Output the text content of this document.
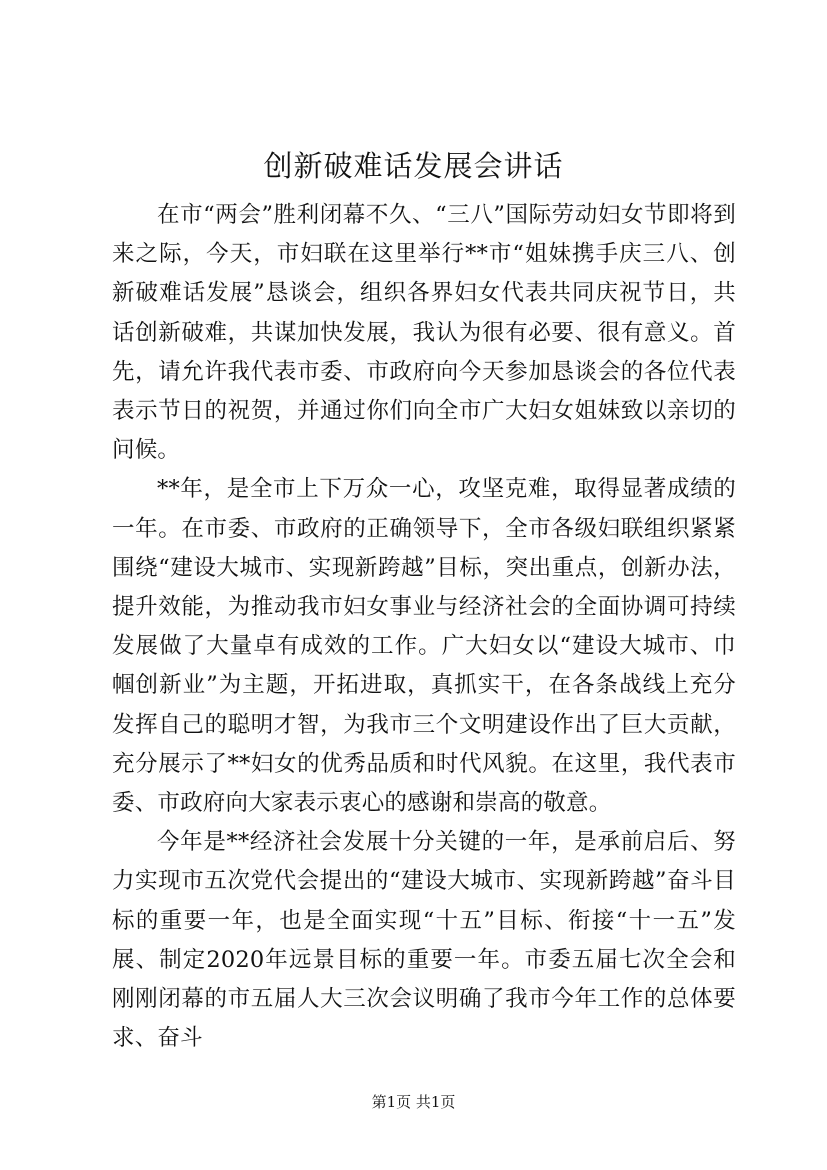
创新破难话发展会讲话

在市“两会”胜利闭幕不久、“三八”国际劳动妇女节即将到来之际，今天，市妇联在这里举行**市“姐妹携手庆三八、创新破难话发展”恳谈会，组织各界妇女代表共同庆祝节日，共话创新破难，共谋加快发展，我认为很有必要、很有意义。首先，请允许我代表市委、市政府向今天参加恳谈会的各位代表表示节日的祝贺，并通过你们向全市广大妇女姐妹致以亲切的问候。

**年，是全市上下万众一心，攻坚克难，取得显著成绩的一年。在市委、市政府的正确领导下，全市各级妇联组织紧紧围绕“建设大城市、实现新跨越”目标，突出重点，创新办法，提升效能，为推动我市妇女事业与经济社会的全面协调可持续发展做了大量卓有成效的工作。广大妇女以“建设大城市、巾帼创新业”为主题，开拓进取，真抓实干，在各条战线上充分发挥自己的聪明才智，为我市三个文明建设作出了巨大贡献，充分展示了**妇女的优秀品质和时代风貌。在这里，我代表市委、市政府向大家表示衷心的感谢和崇高的敬意。

今年是**经济社会发展十分关键的一年，是承前启后、努力实现市五次党代会提出的“建设大城市、实现新跨越”奋斗目标的重要一年，也是全面实现“十五”目标、衔接“十一五”发展、制定2020年远景目标的重要一年。市委五届七次全会和刚刚闭幕的市五届人大三次会议明确了我市今年工作的总体要求、奋斗

第1页 共1页
